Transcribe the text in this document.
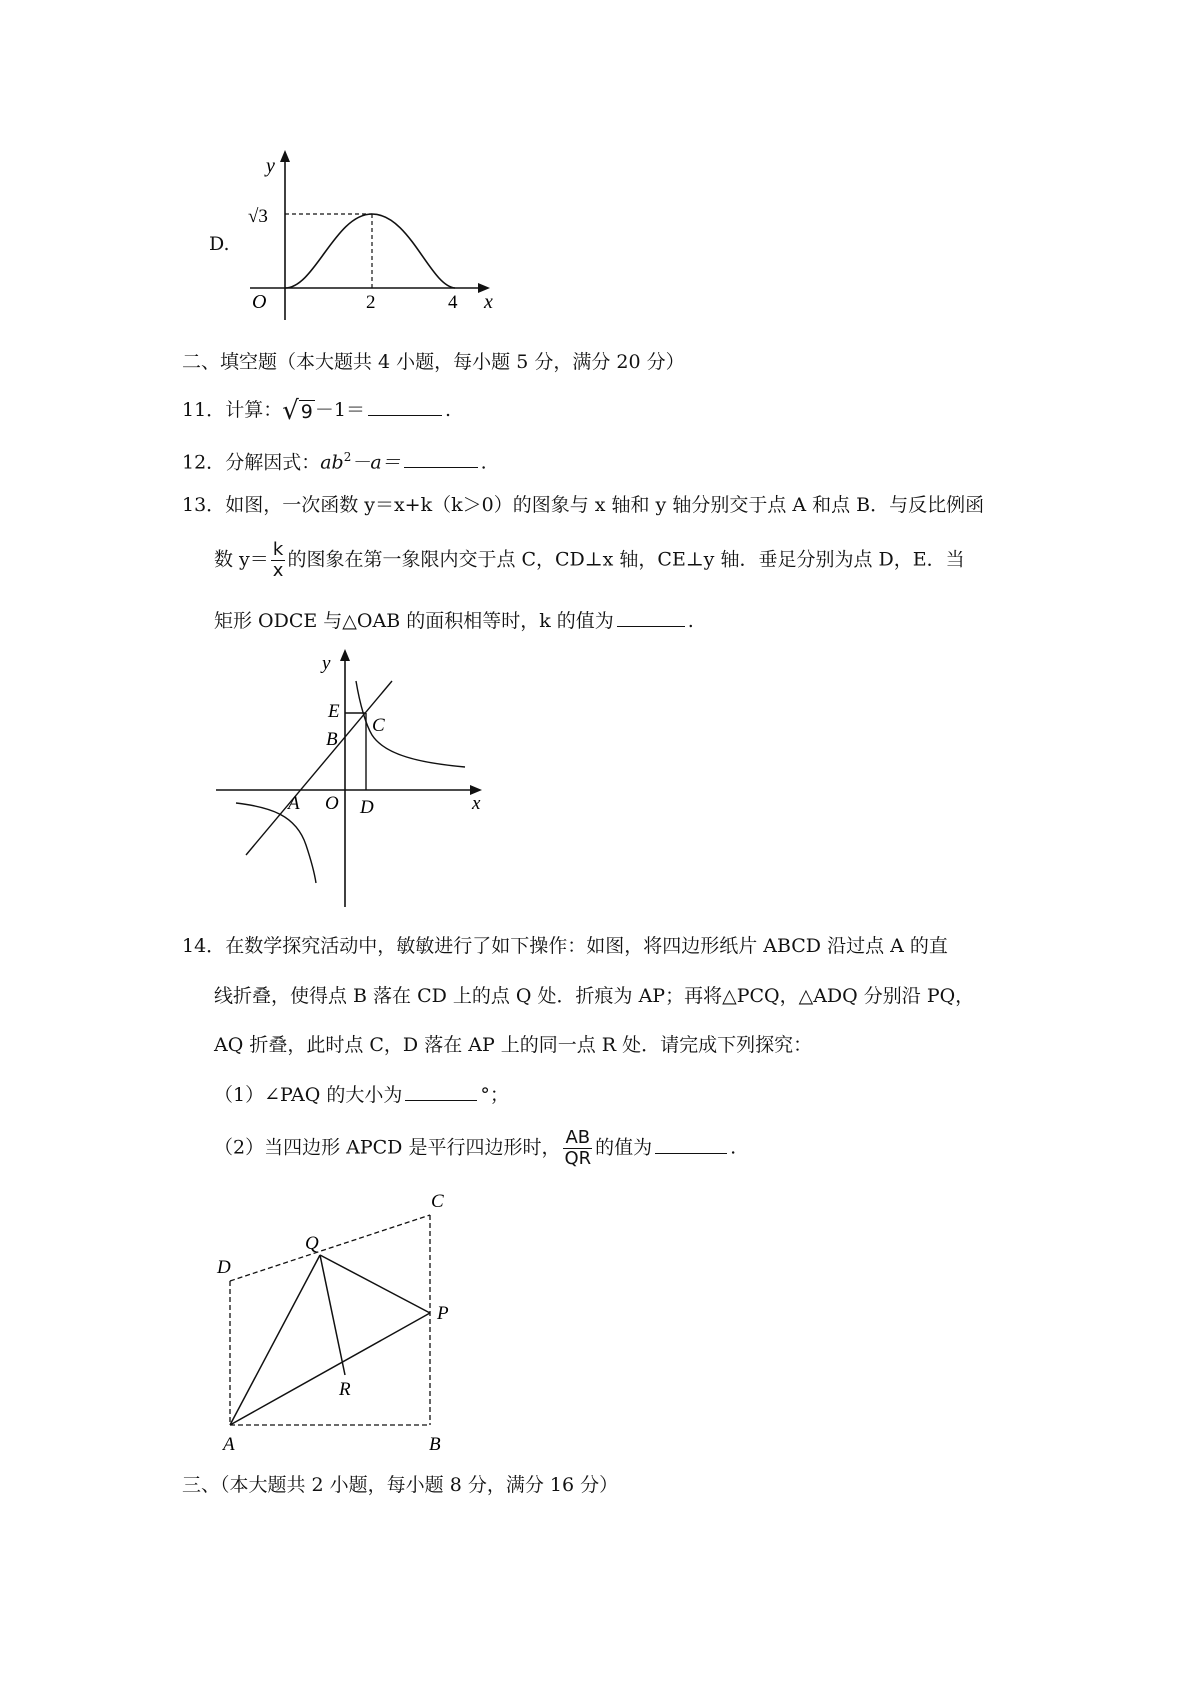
D.
y
√3
O	2	4 x
二、填空题（本大题共 4 小题，每小题 5 分，满分 20 分）
11．计算： √ 9 －1＝	.
12．分解因式：$ab^2-a=$	.
13．如图，一次函数 y＝x+k（k＞0）的图象与 x 轴和 y 轴分别交于点 A 和点 B．与反比例函
数 $y= \frac{k}{x}$ 的图象在第一象限内交于点 C，CD⊥x 轴，CE⊥y 轴．垂足分别为点 D，E．当
矩形 ODCE 与△OAB 的面积相等时，k 的值为	.
y
E
B
C
A O D	x
14．在数学探究活动中，敏敏进行了如下操作：如图，将四边形纸片 ABCD 沿过点 A 的直
线折叠，使得点 B 落在 CD 上的点 Q 处．折痕为 AP；再将△PCQ，△ADQ 分别沿 PQ，
AQ 折叠，此时点 C，D 落在 AP 上的同一点 R 处．请完成下列探究：
（1）∠PAQ 的大小为	°；
（2）当四边形 APCD 是平行四边形时， $\frac{AB}{QR}$ 的值为	.
C
Q
D
P
R
A	B
三、（本大题共 2 小题，每小题 8 分，满分 16 分）
